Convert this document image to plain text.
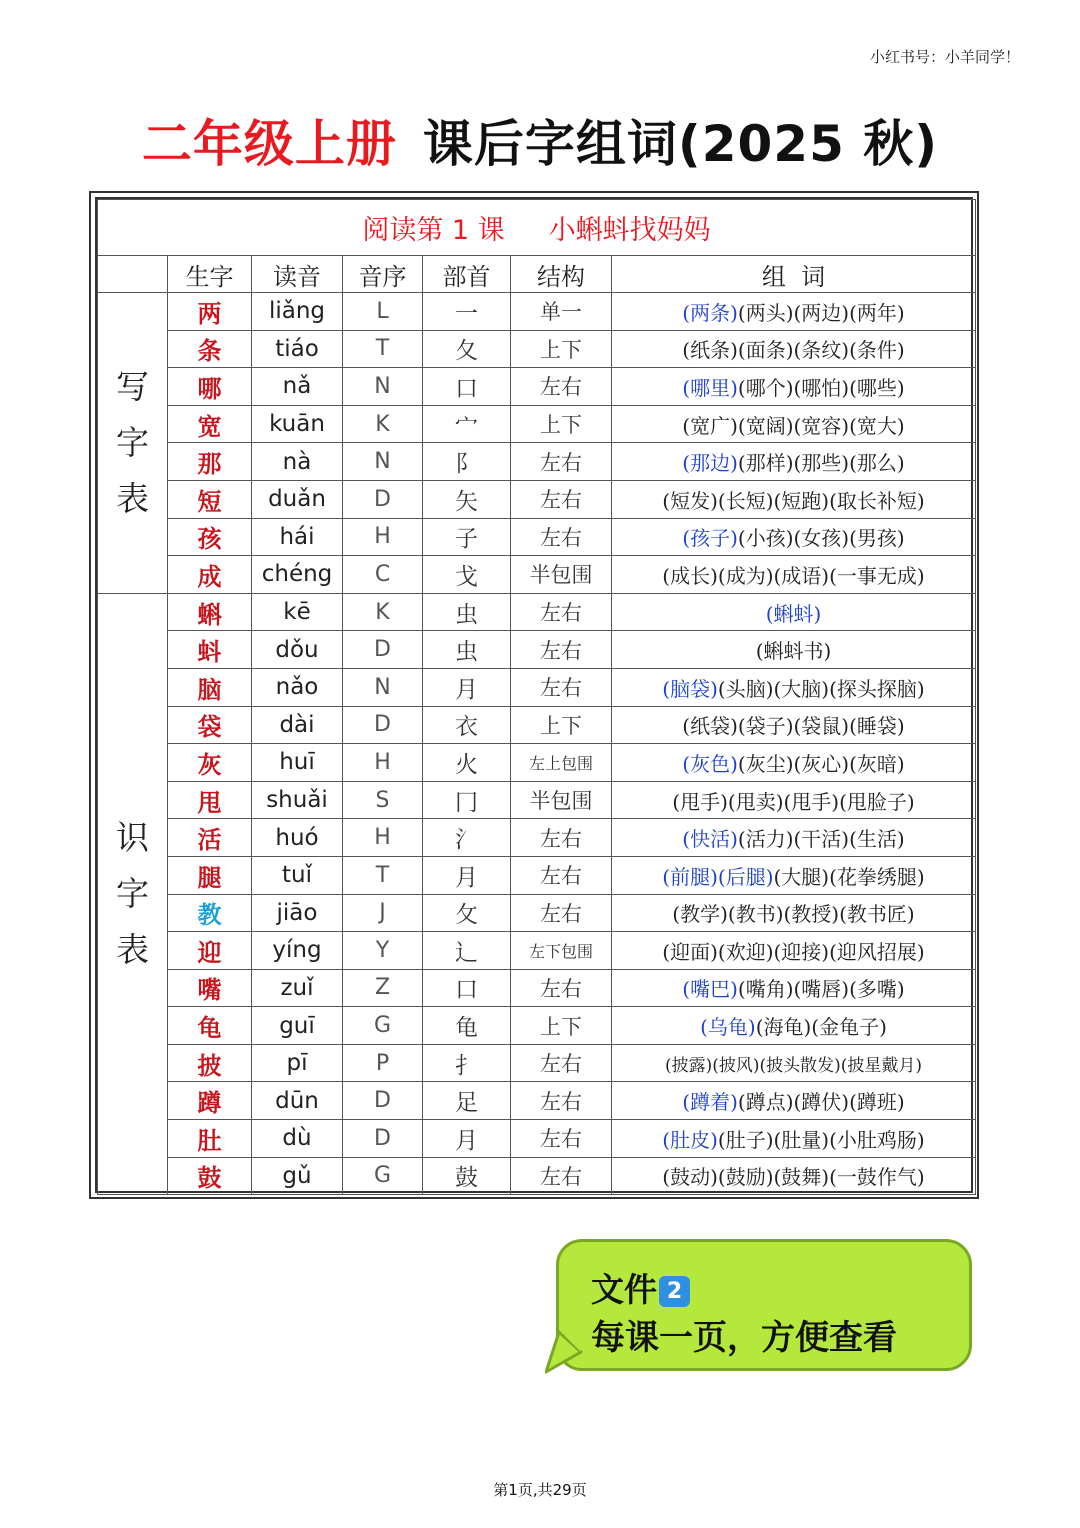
小红书号：小羊同学！
二年级上册 课后字组词(2025 秋)
阅读第 1 课 小蝌蚪找妈妈						
	生字	读音	音序	部首	结构	组  词

写字表	两	liǎng	L	一	单一	(两条)(两头)(两边)(两年)
	条	tiáo	T	夂	上下	(纸条)(面条)(条纹)(条件)
	哪	nǎ	N	口	左右	(哪里)(哪个)(哪怕)(哪些)
	宽	kuān	K	宀	上下	(宽广)(宽阔)(宽容)(宽大)
	那	nà	N	阝	左右	(那边)(那样)(那些)(那么)
	短	duǎn	D	矢	左右	(短发)(长短)(短跑)(取长补短)
	孩	hái	H	子	左右	(孩子)(小孩)(女孩)(男孩)
	成	chéng	C	戈	半包围	(成长)(成为)(成语)(一事无成)

识字表	蝌	kē	K	虫	左右	(蝌蚪)
	蚪	dǒu	D	虫	左右	(蝌蚪书)
	脑	nǎo	N	月	左右	(脑袋)(头脑)(大脑)(探头探脑)
	袋	dài	D	衣	上下	(纸袋)(袋子)(袋鼠)(睡袋)
	灰	huī	H	火	左上包围	(灰色)(灰尘)(灰心)(灰暗)
	甩	shuǎi	S	冂	半包围	(甩手)(甩卖)(甩手)(甩脸子)
	活	huó	H	氵	左右	(快活)(活力)(干活)(生活)
	腿	tuǐ	T	月	左右	(前腿)(后腿)(大腿)(花拳绣腿)
	教	jiāo	J	攵	左右	(教学)(教书)(教授)(教书匠)
	迎	yíng	Y	辶	左下包围	(迎面)(欢迎)(迎接)(迎风招展)
	嘴	zuǐ	Z	口	左右	(嘴巴)(嘴角)(嘴唇)(多嘴)
	龟	guī	G	龟	上下	(乌龟)(海龟)(金龟子)
	披	pī	P	扌	左右	(披露)(披风)(披头散发)(披星戴月)
	蹲	dūn	D	足	左右	(蹲着)(蹲点)(蹲伏)(蹲班)
	肚	dù	D	月	左右	(肚皮)(肚子)(肚量)(小肚鸡肠)
	鼓	gǔ	G	鼓	左右	(鼓动)(鼓励)(鼓舞)(一鼓作气)
文件 2
每课一页，方便查看
第1页,共29页
